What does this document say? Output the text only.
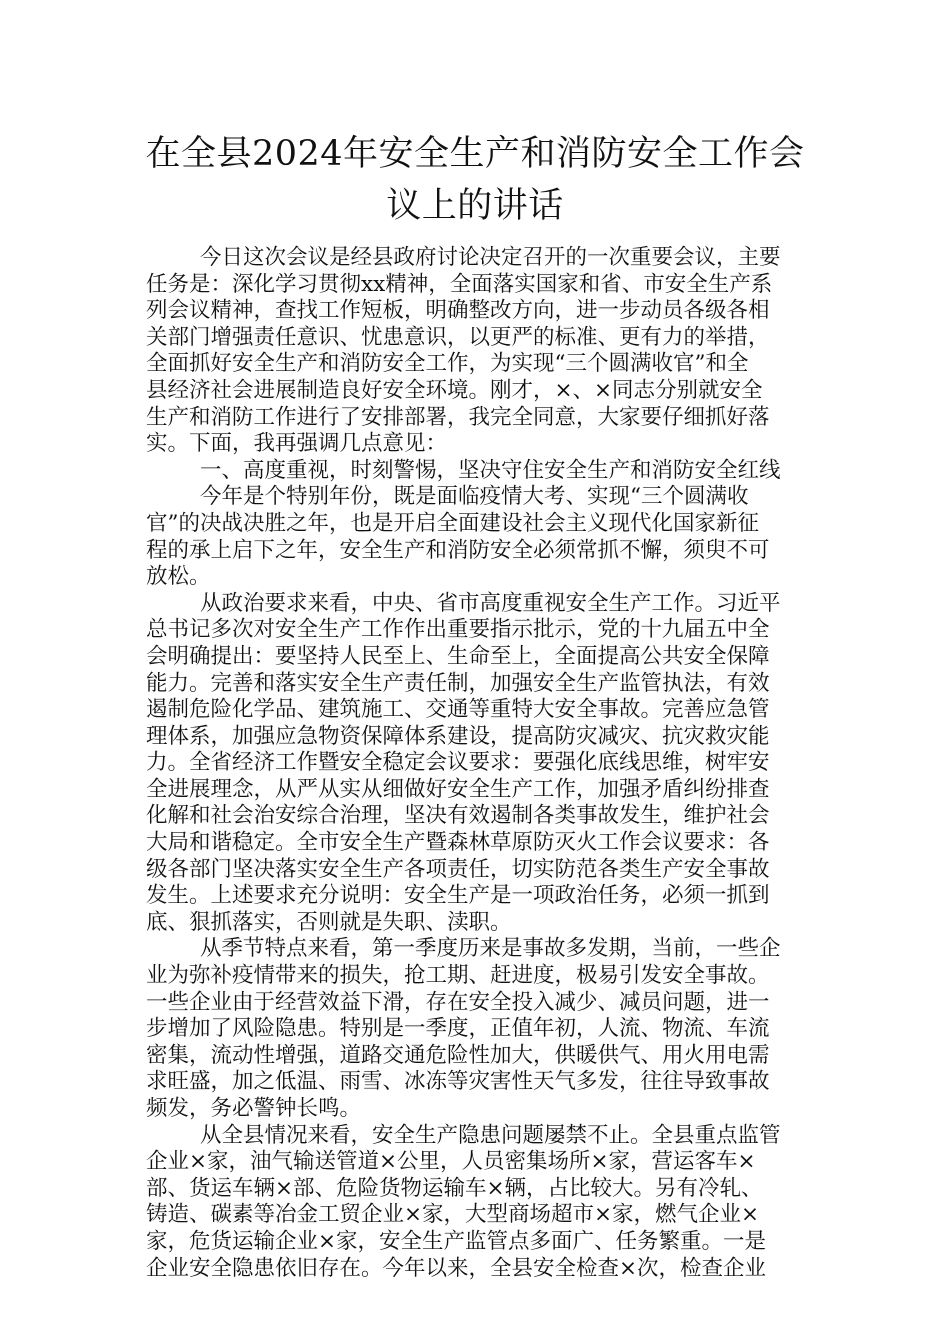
在全县2024年安全生产和消防安全工作会
议上的讲话

今日这次会议是经县政府讨论决定召开的一次重要会议，主要
任务是：深化学习贯彻xx精神，全面落实国家和省、市安全生产系
列会议精神，查找工作短板，明确整改方向，进一步动员各级各相
关部门增强责任意识、忧患意识，以更严的标准、更有力的举措，
全面抓好安全生产和消防安全工作，为实现“三个圆满收官”和全
县经济社会进展制造良好安全环境。刚才，×、×同志分别就安全
生产和消防工作进行了安排部署，我完全同意，大家要仔细抓好落
实。下面，我再强调几点意见：

一、高度重视，时刻警惕，坚决守住安全生产和消防安全红线

今年是个特别年份，既是面临疫情大考、实现“三个圆满收
官”的决战决胜之年，也是开启全面建设社会主义现代化国家新征
程的承上启下之年，安全生产和消防安全必须常抓不懈，须臾不可
放松。

从政治要求来看，中央、省市高度重视安全生产工作。习近平
总书记多次对安全生产工作作出重要指示批示，党的十九届五中全
会明确提出：要坚持人民至上、生命至上，全面提高公共安全保障
能力。完善和落实安全生产责任制，加强安全生产监管执法，有效
遏制危险化学品、建筑施工、交通等重特大安全事故。完善应急管
理体系，加强应急物资保障体系建设，提高防灾减灾、抗灾救灾能
力。全省经济工作暨安全稳定会议要求：要强化底线思维，树牢安
全进展理念，从严从实从细做好安全生产工作，加强矛盾纠纷排查
化解和社会治安综合治理，坚决有效遏制各类事故发生，维护社会
大局和谐稳定。全市安全生产暨森林草原防灭火工作会议要求：各
级各部门坚决落实安全生产各项责任，切实防范各类生产安全事故
发生。上述要求充分说明：安全生产是一项政治任务，必须一抓到
底、狠抓落实，否则就是失职、渎职。

从季节特点来看，第一季度历来是事故多发期，当前，一些企
业为弥补疫情带来的损失，抢工期、赶进度，极易引发安全事故。
一些企业由于经营效益下滑，存在安全投入减少、减员问题，进一
步增加了风险隐患。特别是一季度，正值年初，人流、物流、车流
密集，流动性增强，道路交通危险性加大，供暖供气、用火用电需
求旺盛，加之低温、雨雪、冰冻等灾害性天气多发，往往导致事故
频发，务必警钟长鸣。

从全县情况来看，安全生产隐患问题屡禁不止。全县重点监管
企业×家，油气输送管道×公里，人员密集场所×家，营运客车×
部、货运车辆×部、危险货物运输车×辆，占比较大。另有冷轧、
铸造、碳素等冶金工贸企业×家，大型商场超市×家，燃气企业×
家，危货运输企业×家，安全生产监管点多面广、任务繁重。一是
企业安全隐患依旧存在。今年以来，全县安全检查×次，检查企业
